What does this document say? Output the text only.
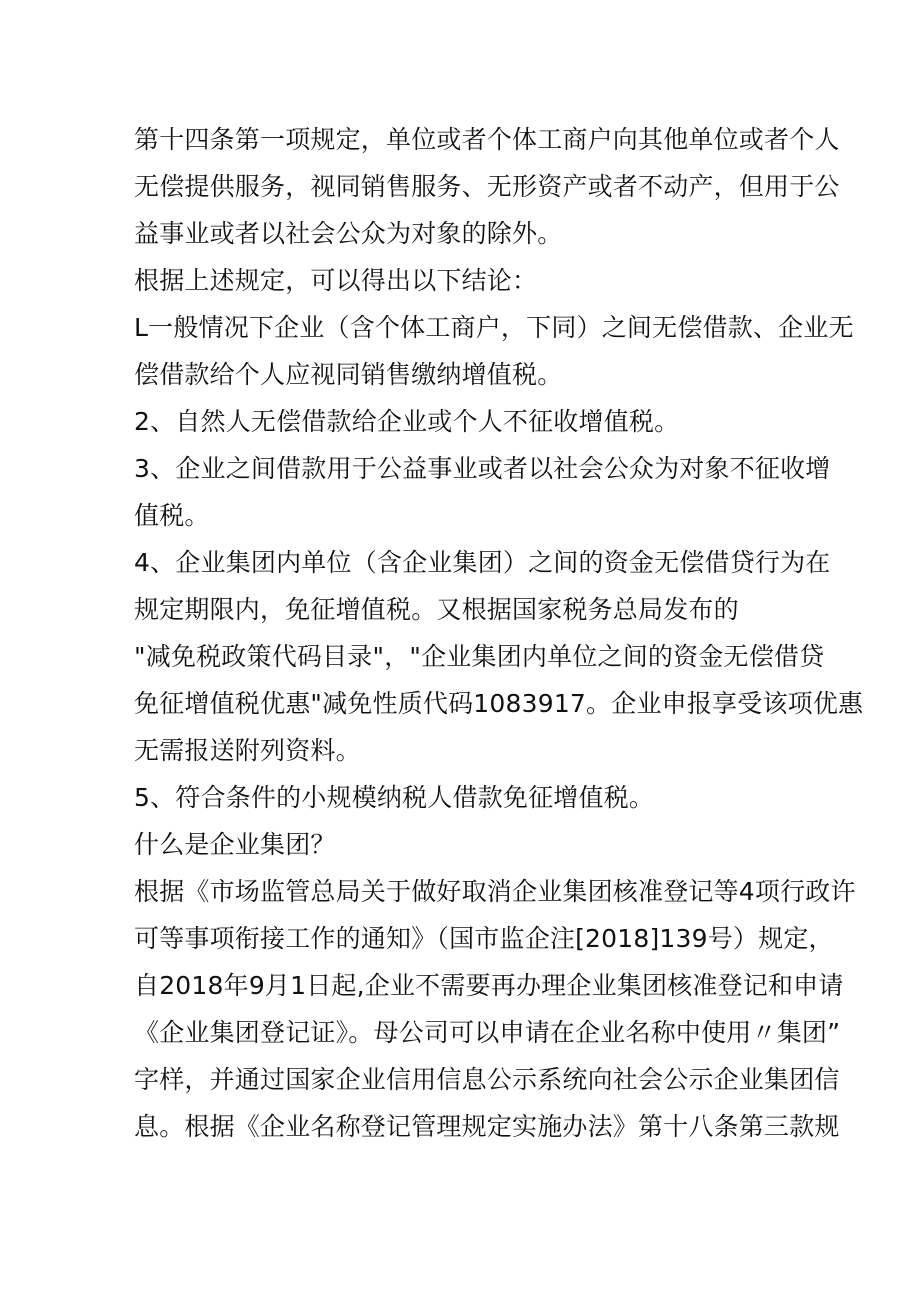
第十四条第一项规定，单位或者个体工商户向其他单位或者个人
无偿提供服务，视同销售服务、无形资产或者不动产，但用于公
益事业或者以社会公众为对象的除外。
根据上述规定，可以得出以下结论：
L一般情况下企业（含个体工商户，下同）之间无偿借款、企业无
偿借款给个人应视同销售缴纳增值税。
2、自然人无偿借款给企业或个人不征收增值税。
3、企业之间借款用于公益事业或者以社会公众为对象不征收增
值税。
4、企业集团内单位（含企业集团）之间的资金无偿借贷行为在
规定期限内，免征增值税。又根据国家税务总局发布的
"减免税政策代码目录"，"企业集团内单位之间的资金无偿借贷
免征增值税优惠"减免性质代码1083917。企业申报享受该项优惠
无需报送附列资料。
5、符合条件的小规模纳税人借款免征增值税。
什么是企业集团？
根据《市场监管总局关于做好取消企业集团核准登记等4项行政许
可等事项衔接工作的通知》（国市监企注[2018]139号）规定，
自2018年9月1日起,企业不需要再办理企业集团核准登记和申请
《企业集团登记证》。母公司可以申请在企业名称中使用〃集团”
字样，并通过国家企业信用信息公示系统向社会公示企业集团信
息。根据《企业名称登记管理规定实施办法》第十八条第三款规
